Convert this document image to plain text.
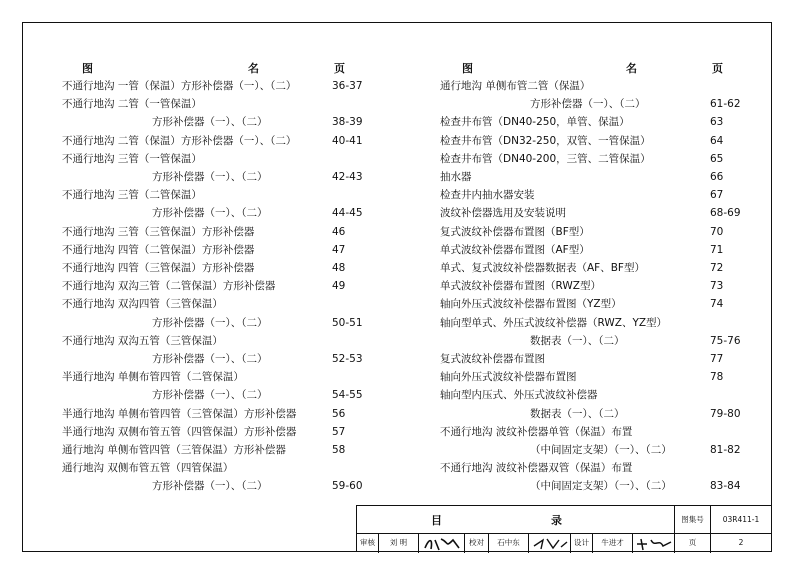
图	名	页
不通行地沟 一管（保温）方形补偿器（一）、（二）	36-37
不通行地沟 二管（一管保温）
方形补偿器（一）、（二）	38-39
不通行地沟 二管（保温）方形补偿器（一）、（二）	40-41
不通行地沟 三管（一管保温）
方形补偿器（一）、（二）	42-43
不通行地沟 三管（二管保温）
方形补偿器（一）、（二）	44-45
不通行地沟 三管（三管保温）方形补偿器	46
不通行地沟 四管（二管保温）方形补偿器	47
不通行地沟 四管（三管保温）方形补偿器	48
不通行地沟 双沟三管（二管保温）方形补偿器	49
不通行地沟 双沟四管（三管保温）
方形补偿器（一）、（二）	50-51
不通行地沟 双沟五管（三管保温）
方形补偿器（一）、（二）	52-53
半通行地沟 单侧布管四管（二管保温）
方形补偿器（一）、（二）	54-55
半通行地沟 单侧布管四管（三管保温）方形补偿器	56
半通行地沟 双侧布管五管（四管保温）方形补偿器	57
通行地沟 单侧布管四管（三管保温）方形补偿器	58
通行地沟 双侧布管五管（四管保温）
方形补偿器（一）、（二）	59-60
图	名	页
通行地沟 单侧布管二管（保温）
方形补偿器（一）、（二）	61-62
检查井布管（DN40-250，单管、保温）	63
检查井布管（DN32-250，双管、一管保温）	64
检查井布管（DN40-200，三管、二管保温）	65
抽水器	66
检查井内抽水器安装	67
波纹补偿器选用及安装说明	68-69
复式波纹补偿器布置图（BF型）	70
单式波纹补偿器布置图（AF型）	71
单式、复式波纹补偿器数据表（AF、BF型）	72
单式波纹补偿器布置图（RWZ型）	73
轴向外压式波纹补偿器布置图（YZ型）	74
轴向型单式、外压式波纹补偿器（RWZ、YZ型）
数据表（一）、（二）	75-76
复式波纹补偿器布置图	77
轴向外压式波纹补偿器布置图	78
轴向型内压式、外压式波纹补偿器
数据表（一）、（二）	79-80
不通行地沟 波纹补偿器单管（保温）布置
（中间固定支架）（一）、（二）	81-82
不通行地沟 波纹补偿器双管（保温）布置
（中间固定支架）（一）、（二）	83-84
目	录	图集号	03R411-1
审核	刘 明	校对	石中东	设计	牛进才	页	2
